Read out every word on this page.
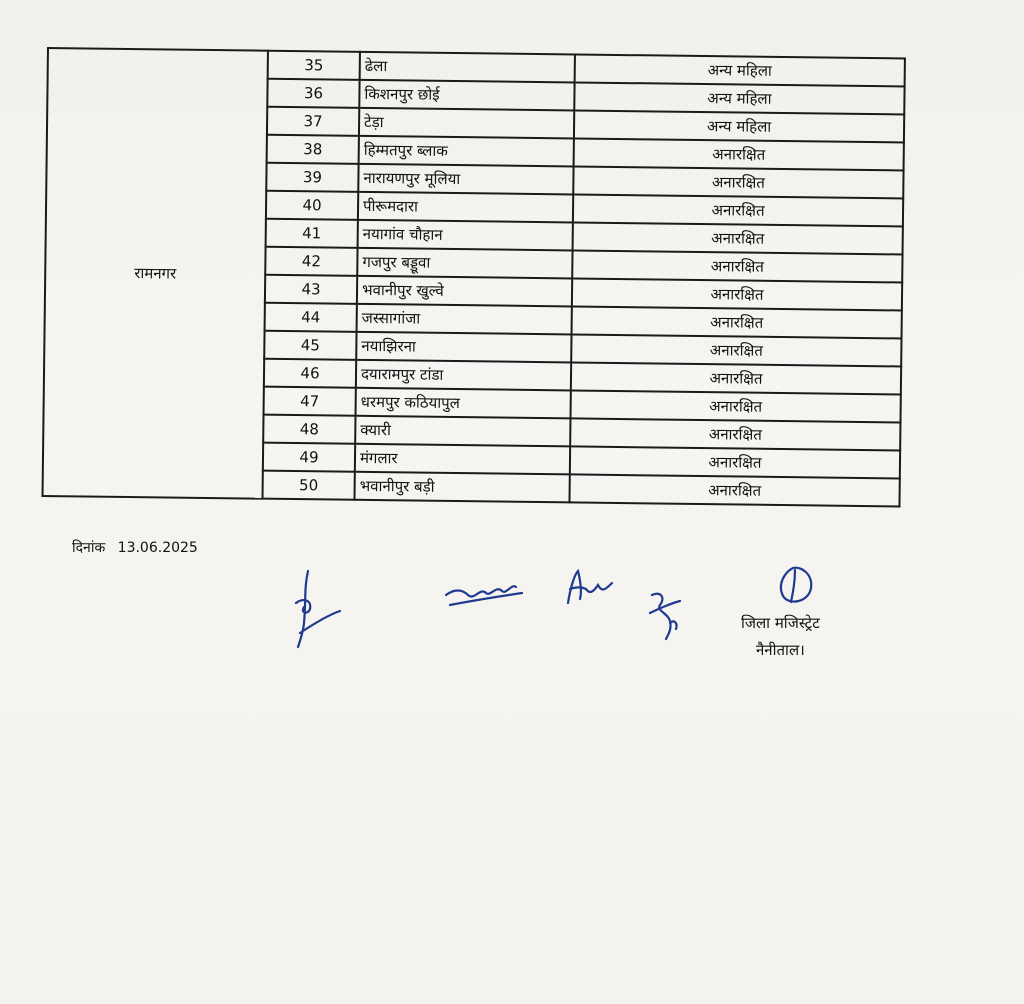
रामनगर	35	ढेला	अन्य महिला
	36	किशनपुर छोई	अन्य महिला
	37	टेड़ा	अन्य महिला
	38	हिम्मतपुर ब्लाक	अनारक्षित
	39	नारायणपुर मूलिया	अनारक्षित
	40	पीरूमदारा	अनारक्षित
	41	नयागांव चौहान	अनारक्षित
	42	गजपुर बड्डूवा	अनारक्षित
	43	भवानीपुर खुल्वे	अनारक्षित
	44	जस्सागांजा	अनारक्षित
	45	नयाझिरना	अनारक्षित
	46	दयारामपुर टांडा	अनारक्षित
	47	धरमपुर कठियापुल	अनारक्षित
	48	क्यारी	अनारक्षित
	49	मंगलार	अनारक्षित
	50	भवानीपुर बड़ी	अनारक्षित
दिनांक 13.06.2025
जिला मजिस्ट्रेट
नैनीताल।
